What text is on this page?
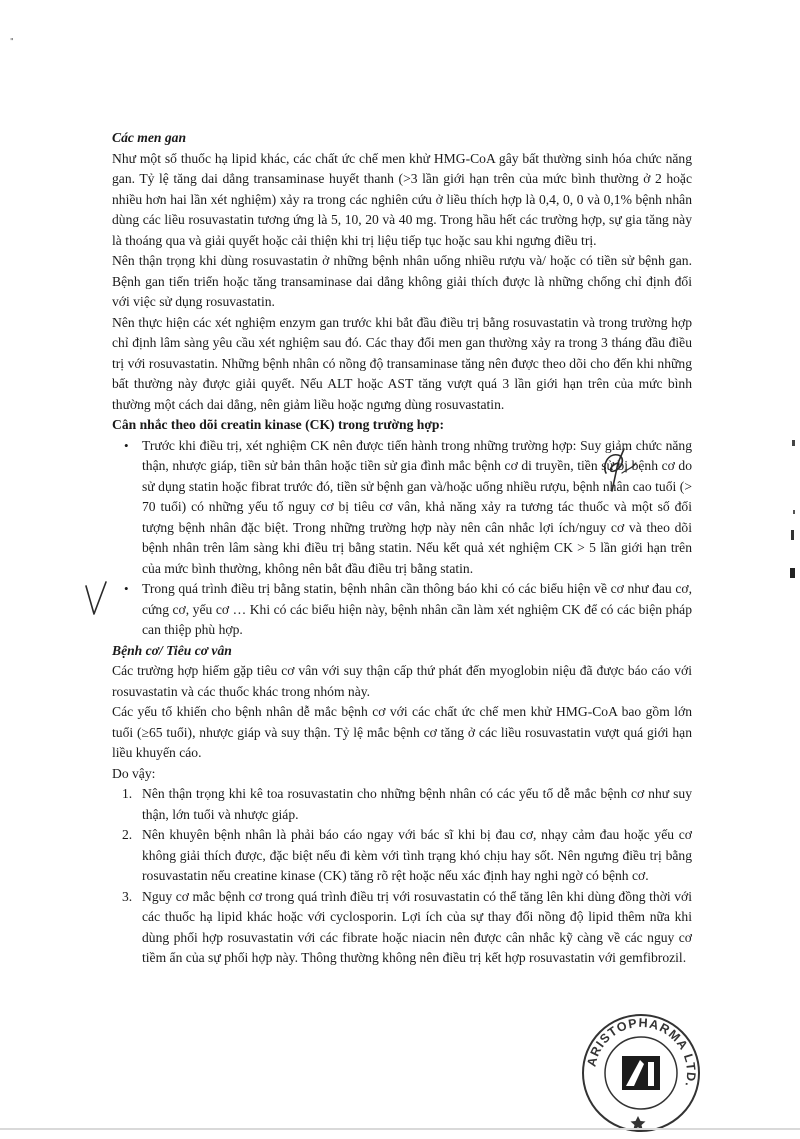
"

Các men gan

Như một số thuốc hạ lipid khác, các chất ức chế men khử HMG-CoA gây bất thường sinh hóa chức năng gan. Tỷ lệ tăng dai dẳng transaminase huyết thanh (>3 lần giới hạn trên của mức bình thường ở 2 hoặc nhiều hơn hai lần xét nghiệm) xảy ra trong các nghiên cứu ở liều thích hợp là 0,4, 0, 0 và 0,1% bệnh nhân dùng các liều rosuvastatin tương ứng là 5, 10, 20 và 40 mg. Trong hầu hết các trường hợp, sự gia tăng này là thoáng qua và giải quyết hoặc cải thiện khi trị liệu tiếp tục hoặc sau khi ngưng điều trị.

Nên thận trọng khi dùng rosuvastatin ở những bệnh nhân uống nhiều rượu và/ hoặc có tiền sử bệnh gan. Bệnh gan tiến triển hoặc tăng transaminase dai dẳng không giải thích được là những chống chỉ định đối với việc sử dụng rosuvastatin.

Nên thực hiện các xét nghiệm enzym gan trước khi bắt đầu điều trị bằng rosuvastatin và trong trường hợp chỉ định lâm sàng yêu cầu xét nghiệm sau đó. Các thay đổi men gan thường xảy ra trong 3 tháng đầu điều trị với rosuvastatin. Những bệnh nhân có nồng độ transaminase tăng nên được theo dõi cho đến khi những bất thường này được giải quyết. Nếu ALT hoặc AST tăng vượt quá 3 lần giới hạn trên của mức bình thường một cách dai dẳng, nên giảm liều hoặc ngưng dùng rosuvastatin.

Cân nhắc theo dõi creatin kinase (CK) trong trường hợp:

• Trước khi điều trị, xét nghiệm CK nên được tiến hành trong những trường hợp: Suy giảm chức năng thận, nhược giáp, tiền sử bản thân hoặc tiền sử gia đình mắc bệnh cơ di truyền, tiền sử bị bệnh cơ do sử dụng statin hoặc fibrat trước đó, tiền sử bệnh gan và/hoặc uống nhiều rượu, bệnh nhân cao tuổi (> 70 tuổi) có những yếu tố nguy cơ bị tiêu cơ vân, khả năng xảy ra tương tác thuốc và một số đối tượng bệnh nhân đặc biệt. Trong những trường hợp này nên cân nhắc lợi ích/nguy cơ và theo dõi bệnh nhân trên lâm sàng khi điều trị bằng statin. Nếu kết quả xét nghiệm CK > 5 lần giới hạn trên của mức bình thường, không nên bắt đầu điều trị bằng statin.
• Trong quá trình điều trị bằng statin, bệnh nhân cần thông báo khi có các biểu hiện về cơ như đau cơ, cứng cơ, yếu cơ … Khi có các biểu hiện này, bệnh nhân cần làm xét nghiệm CK để có các biện pháp can thiệp phù hợp.

Bệnh cơ/ Tiêu cơ vân

Các trường hợp hiếm gặp tiêu cơ vân với suy thận cấp thứ phát đến myoglobin niệu đã được báo cáo với rosuvastatin và các thuốc khác trong nhóm này.

Các yếu tố khiến cho bệnh nhân dễ mắc bệnh cơ với các chất ức chế men khử HMG-CoA bao gồm lớn tuổi (≥65 tuổi), nhược giáp và suy thận. Tỷ lệ mắc bệnh cơ tăng ở các liều rosuvastatin vượt quá giới hạn liều khuyến cáo.

Do vậy:

1. Nên thận trọng khi kê toa rosuvastatin cho những bệnh nhân có các yếu tố dễ mắc bệnh cơ như suy thận, lớn tuổi và nhược giáp.
2. Nên khuyên bệnh nhân là phải báo cáo ngay với bác sĩ khi bị đau cơ, nhạy cảm đau hoặc yếu cơ không giải thích được, đặc biệt nếu đi kèm với tình trạng khó chịu hay sốt. Nên ngưng điều trị bằng rosuvastatin nếu creatine kinase (CK) tăng rõ rệt hoặc nếu xác định hay nghi ngờ có bệnh cơ.
3. Nguy cơ mắc bệnh cơ trong quá trình điều trị với rosuvastatin có thể tăng lên khi dùng đồng thời với các thuốc hạ lipid khác hoặc với cyclosporin. Lợi ích của sự thay đổi nồng độ lipid thêm nữa khi dùng phối hợp rosuvastatin với các fibrate hoặc niacin nên được cân nhắc kỹ càng về các nguy cơ tiềm ẩn của sự phối hợp này. Thông thường không nên điều trị kết hợp rosuvastatin với gemfibrozil.
ARISTOPHARMA LTD.
